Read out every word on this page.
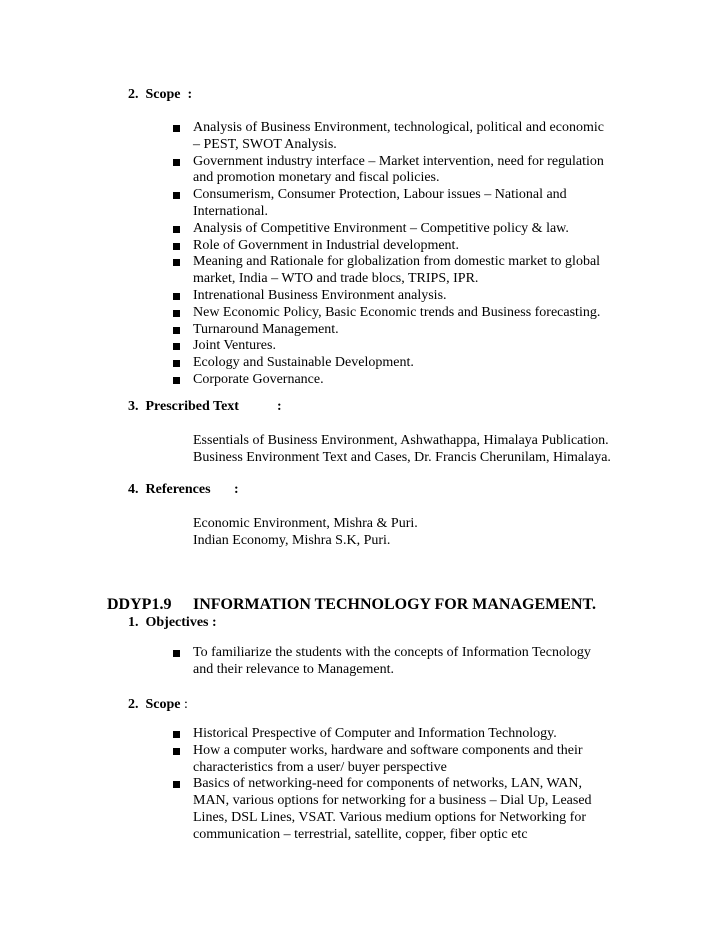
2. Scope :
Analysis of Business Environment, technological, political and economic
– PEST, SWOT Analysis.
Government industry interface – Market intervention, need for regulation
and promotion monetary and fiscal policies.
Consumerism, Consumer Protection, Labour issues – National and
International.
Analysis of Competitive Environment – Competitive policy & law.
Role of Government in Industrial development.
Meaning and Rationale for globalization from domestic market to global
market, India – WTO and trade blocs, TRIPS, IPR.
Intrenational Business Environment analysis.
New Economic Policy, Basic Economic trends and Business forecasting.
Turnaround Management.
Joint Ventures.
Ecology and Sustainable Development.
Corporate Governance.
3. Prescribed Text	:
Essentials of Business Environment, Ashwathappa, Himalaya Publication.
Business Environment Text and Cases, Dr. Francis Cherunilam, Himalaya.
4. References :
Economic Environment, Mishra & Puri.
Indian Economy, Mishra S.K, Puri.
DDYP1.9 INFORMATION TECHNOLOGY FOR MANAGEMENT.
1. Objectives :
To familiarize the students with the concepts of Information Tecnology
and their relevance to Management.
2. Scope :
Historical Prespective of Computer and Information Technology.
How a computer works, hardware and software components and their
characteristics from a user/ buyer perspective
Basics of networking-need for components of networks, LAN, WAN,
MAN, various options for networking for a business – Dial Up, Leased
Lines, DSL Lines, VSAT. Various medium options for Networking for
communication – terrestrial, satellite, copper, fiber optic etc
